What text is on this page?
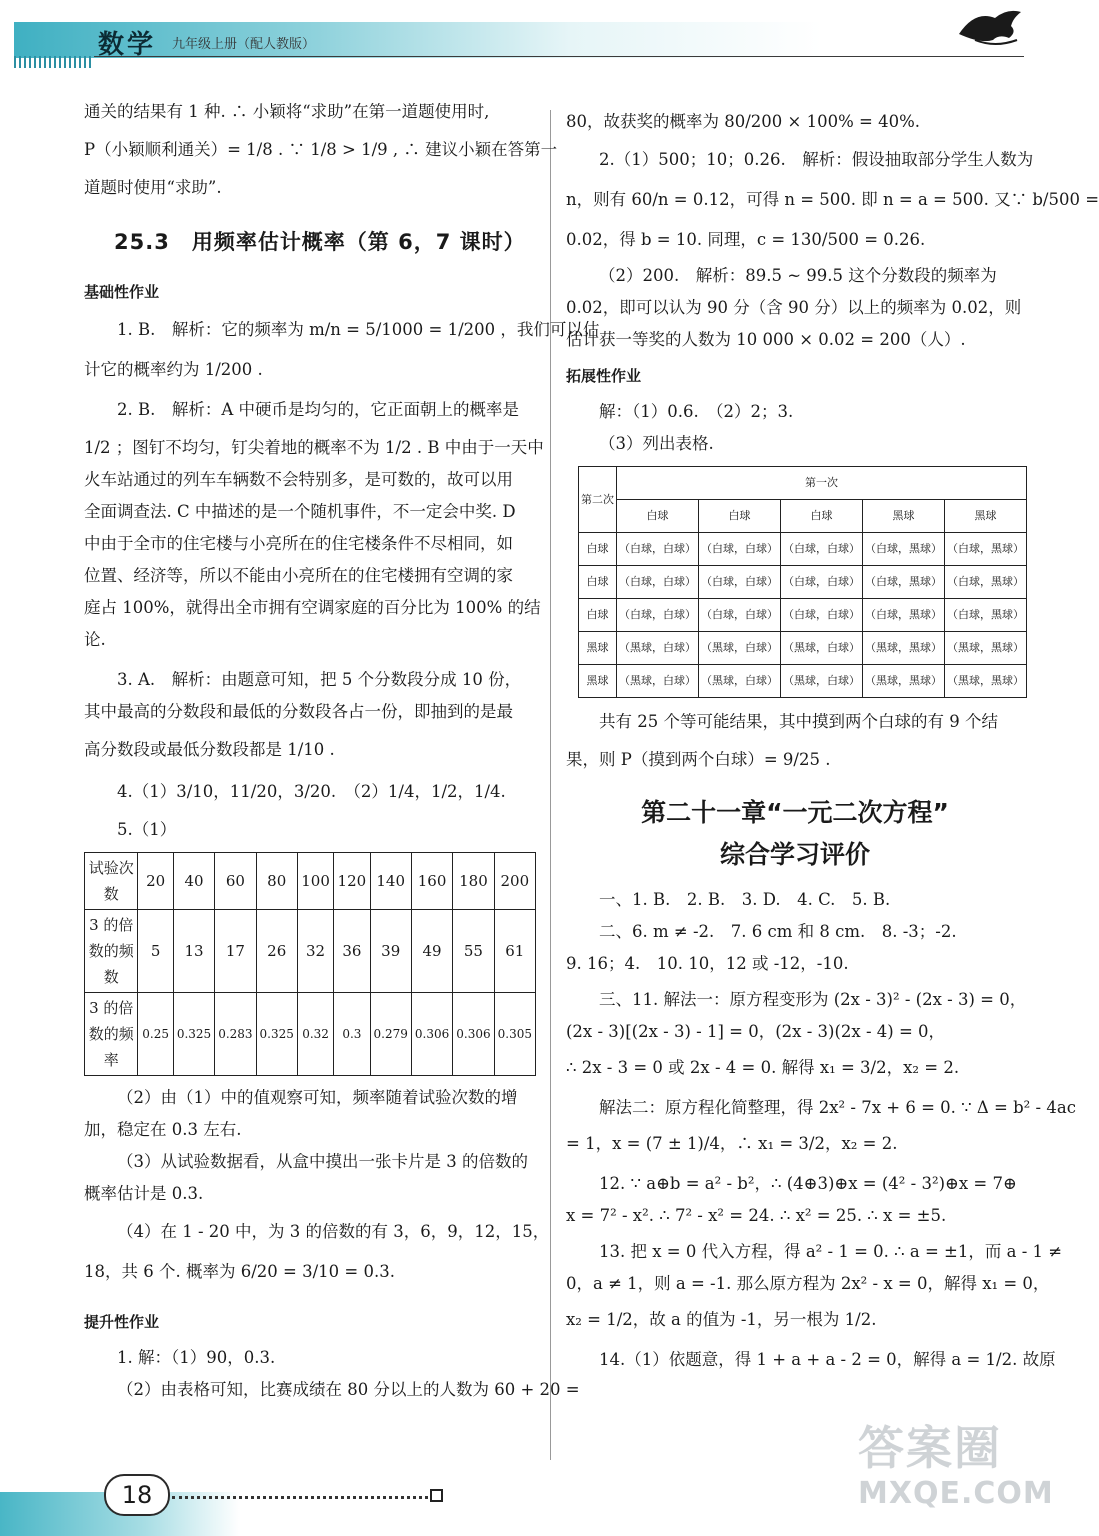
数学 九年级上册（配人教版）

通关的结果有 1 种. ∴ 小颖将“求助”在第一道题使用时,

P（小颖顺利通关）= 1/8 . ∵ 1/8 > 1/9 , ∴ 建议小颖在答第一

道题时使用“求助”.

25.3　用频率估计概率（第 6，7 课时）
基础性作业

1. B.　解析：它的频率为 m/n = 5/1000 = 1/200 ，我们可以估

计它的概率约为 1/200 .

2. B.　解析：A 中硬币是均匀的，它正面朝上的概率是

1/2 ；图钉不均匀，钉尖着地的概率不为 1/2 . B 中由于一天中

火车站通过的列车车辆数不会特别多，是可数的，故可以用

全面调查法. C 中描述的是一个随机事件，不一定会中奖. D

中由于全市的住宅楼与小亮所在的住宅楼条件不尽相同，如

位置、经济等，所以不能由小亮所在的住宅楼拥有空调的家

庭占 100%，就得出全市拥有空调家庭的百分比为 100% 的结

论.

3. A.　解析：由题意可知，把 5 个分数段分成 10 份，

其中最高的分数段和最低的分数段各占一份，即抽到的是最

高分数段或最低分数段都是 1/10 .

4.（1）3/10，11/20，3/20.　（2）1/4，1/2，1/4.

5.（1）

试验次数	20	40	60	80	100	120	140	160	180	200
3 的倍数的频数	5	13	17	26	32	36	39	49	55	61
3 的倍数的频率	0.25	0.325	0.283	0.325	0.32	0.3	0.279	0.306	0.306	0.305

（2）由（1）中的值观察可知，频率随着试验次数的增

加，稳定在 0.3 左右.

（3）从试验数据看，从盒中摸出一张卡片是 3 的倍数的

概率估计是 0.3.

（4）在 1 - 20 中，为 3 的倍数的有 3，6，9，12，15，

18，共 6 个. 概率为 6/20 = 3/10 = 0.3.

提升性作业

1. 解：（1）90，0.3.

（2）由表格可知，比赛成绩在 80 分以上的人数为 60 + 20 =

80，故获奖的概率为 80/200 × 100% = 40%.

2.（1）500；10；0.26.　解析：假设抽取部分学生人数为

n，则有 60/n = 0.12，可得 n = 500. 即 n = a = 500. 又∵ b/500 =

0.02，得 b = 10. 同理，c = 130/500 = 0.26.

（2）200.　解析：89.5 ~ 99.5 这个分数段的频率为

0.02，即可以认为 90 分（含 90 分）以上的频率为 0.02，则

估计获一等奖的人数为 10 000 × 0.02 = 200（人）.

拓展性作业

解：（1）0.6.　（2）2；3.

（3）列出表格.

第二次	第一次				
	白球	白球	白球	黑球	黑球
白球	（白球，白球）	（白球，白球）	（白球，白球）	（白球，黑球）	（白球，黑球）
白球	（白球，白球）	（白球，白球）	（白球，白球）	（白球，黑球）	（白球，黑球）
白球	（白球，白球）	（白球，白球）	（白球，白球）	（白球，黑球）	（白球，黑球）
黑球	（黑球，白球）	（黑球，白球）	（黑球，白球）	（黑球，黑球）	（黑球，黑球）
黑球	（黑球，白球）	（黑球，白球）	（黑球，白球）	（黑球，黑球）	（黑球，黑球）

共有 25 个等可能结果，其中摸到两个白球的有 9 个结

果，则 P（摸到两个白球）= 9/25 .

第二十一章“一元二次方程”
综合学习评价

一、1. B.　2. B.　3. D.　4. C.　5. B.

二、6. m ≠ -2.　7. 6 cm 和 8 cm.　8. -3；-2.

9. 16；4.　10. 10，12 或 -12，-10.

三、11. 解法一：原方程变形为 (2x - 3)² - (2x - 3) = 0，

(2x - 3)[(2x - 3) - 1] = 0，(2x - 3)(2x - 4) = 0，

∴ 2x - 3 = 0 或 2x - 4 = 0. 解得 x₁ = 3/2，x₂ = 2.

解法二：原方程化简整理，得 2x² - 7x + 6 = 0. ∵ Δ = b² - 4ac

= 1，x = (7 ± 1)/4，∴ x₁ = 3/2，x₂ = 2.

12. ∵ a⊕b = a² - b²，∴ (4⊕3)⊕x = (4² - 3²)⊕x = 7⊕

x = 7² - x². ∴ 7² - x² = 24. ∴ x² = 25. ∴ x = ±5.

13. 把 x = 0 代入方程，得 a² - 1 = 0. ∴ a = ±1，而 a - 1 ≠

0，a ≠ 1，则 a = -1. 那么原方程为 2x² - x = 0，解得 x₁ = 0，

x₂ = 1/2，故 a 的值为 -1，另一根为 1/2.

14.（1）依题意，得 1 + a + a - 2 = 0，解得 a = 1/2. 故原

18
答案圈
MXQE.COM
